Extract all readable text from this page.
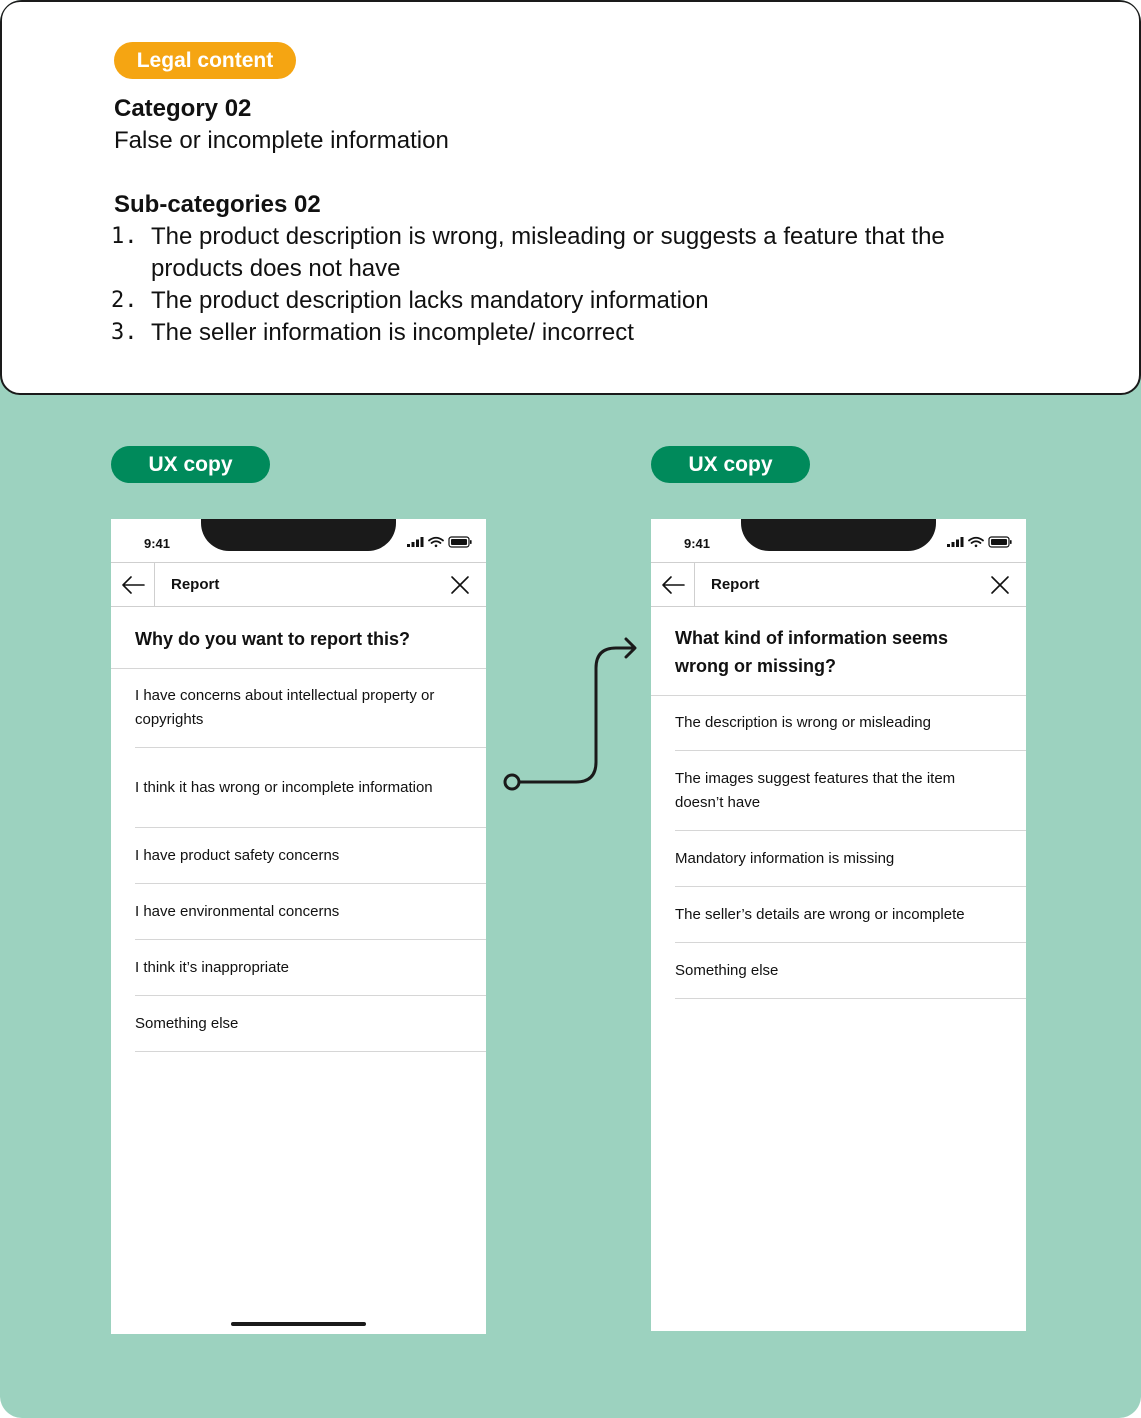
Legal content
Category 02
False or incomplete information
Sub-categories 02
1. The product description is wrong, misleading or suggests a feature that the products does not have
2. The product description lacks mandatory information
3. The seller information is incomplete/ incorrect
UX copy	UX copy
9:41
Report
Why do you want to report this?
I have concerns about intellectual property or copyrights
I think it has wrong or incomplete information
I have product safety concerns
I have environmental concerns
I think it’s inappropriate
Something else
9:41
Report
What kind of information seems wrong or missing?
The description is wrong or misleading
The images suggest features that the item doesn’t have
Mandatory information is missing
The seller’s details are wrong or incomplete
Something else
